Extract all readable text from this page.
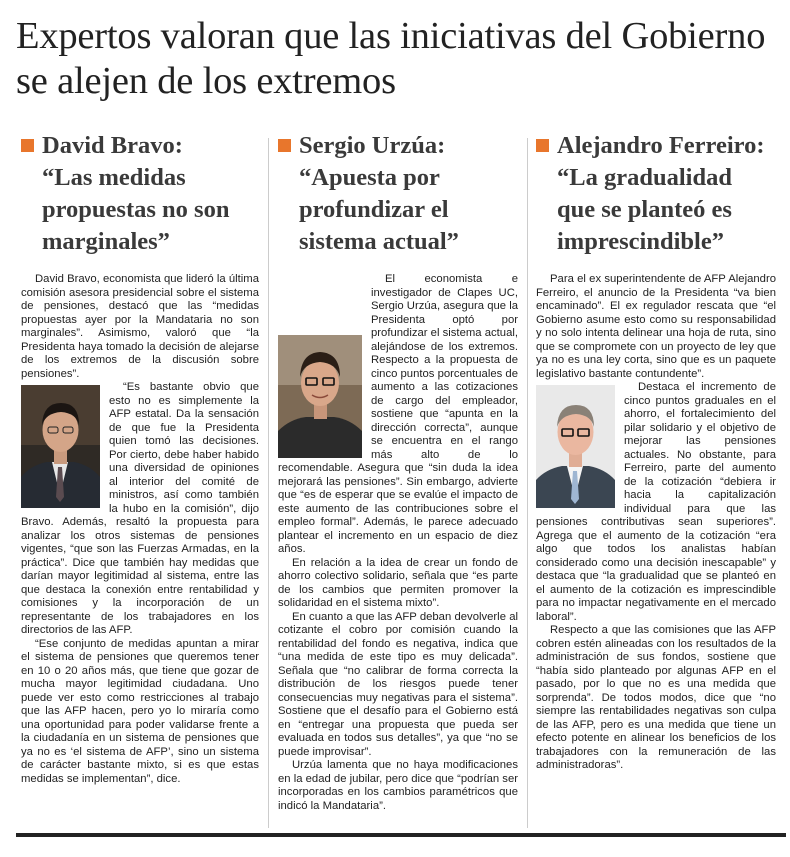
Expertos valoran que las iniciativas del Gobierno se alejen de los extremos
David Bravo:
“Las medidas
propuestas no son
marginales”

David Bravo, economista que lideró la última comisión asesora presidencial sobre el sistema de pensiones, destacó que las “medidas propuestas ayer por la Mandataria no son marginales”. Asimismo, valoró que “la Presidenta haya tomado la decisión de alejarse de los extremos de la discusión sobre pensiones”.

“Es bastante obvio que esto no es simplemente la AFP estatal. Da la sensación de que fue la Presidenta quien tomó las decisiones. Por cierto, debe haber habido una diversidad de opiniones al interior del comité de ministros, así como también la hubo en la comisión”, dijo Bravo. Además, resaltó la propuesta para analizar los otros sistemas de pensiones vigentes, “que son las Fuerzas Armadas, en la práctica”. Dice que también hay medidas que darían mayor legitimidad al sistema, entre las que destaca la conexión entre rentabilidad y comisiones y la incorporación de un representante de los trabajadores en los directorios de las AFP.

“Ese conjunto de medidas apuntan a mirar el sistema de pensiones que queremos tener en 10 o 20 años más, que tiene que gozar de mucha mayor legitimidad ciudadana. Uno puede ver esto como restricciones al trabajo que las AFP hacen, pero yo lo miraría como una oportunidad para poder validarse frente a la ciudadanía en un sistema de pensiones que ya no es ‘el sistema de AFP’, sino un sistema de carácter bastante mixto, si es que estas medidas se implementan”, dice.

Sergio Urzúa:
“Apuesta por
profundizar el
sistema actual”

El economista e investigador de Clapes UC, Sergio Urzúa, asegura que la Presidenta optó por profundizar el sistema actual, alejándose de los extremos. Respecto a la propuesta de cinco puntos porcentuales de aumento a las cotizaciones de cargo del empleador, sostiene que “apunta en la dirección correcta”, aunque se encuentra en el rango más alto de lo recomendable. Asegura que “sin duda la idea mejorará las pensiones”. Sin embargo, advierte que “es de esperar que se evalúe el impacto de este aumento de las contribuciones sobre el empleo formal”. Además, le parece adecuado plantear el incremento en un espacio de diez años.

En relación a la idea de crear un fondo de ahorro colectivo solidario, señala que “es parte de los cambios que permiten promover la solidaridad en el sistema mixto”.

En cuanto a que las AFP deban devolverle al cotizante el cobro por comisión cuando la rentabilidad del fondo es negativa, indica que “una medida de este tipo es muy delicada”. Señala que “no calibrar de forma correcta la distribución de los riesgos puede tener consecuencias muy negativas para el sistema”. Sostiene que el desafío para el Gobierno está en “entregar una propuesta que pueda ser evaluada en todos sus detalles”, ya que “no se puede improvisar”.

Urzúa lamenta que no haya modificaciones en la edad de jubilar, pero dice que “podrían ser incorporadas en los cambios paramétricos que indicó la Mandataria”.

Alejandro Ferreiro:
“La gradualidad
que se planteó es
imprescindible”

Para el ex superintendente de AFP Alejandro Ferreiro, el anuncio de la Presidenta “va bien encaminado”. El ex regulador rescata que “el Gobierno asume esto como su responsabilidad y no solo intenta delinear una hoja de ruta, sino que se compromete con un proyecto de ley que ya no es una ley corta, sino que es un paquete legislativo bastante contundente”.

Destaca el incremento de cinco puntos graduales en el ahorro, el fortalecimiento del pilar solidario y el objetivo de mejorar las pensiones actuales. No obstante, para Ferreiro, parte del aumento de la cotización “debiera ir hacia la capitalización individual para que las pensiones contributivas sean superiores”. Agrega que el aumento de la cotización “era algo que todos los analistas habían considerado como una decisión inescapable” y destaca que “la gradualidad que se planteó en el aumento de la cotización es imprescindible para no impactar negativamente en el mercado laboral”.

Respecto a que las comisiones que las AFP cobren estén alineadas con los resultados de la administración de sus fondos, sostiene que “había sido planteado por algunas AFP en el pasado, por lo que no es una medida que sorprenda”. De todos modos, dice que “no siempre las rentabilidades negativas son culpa de las AFP, pero es una medida que tiene un efecto potente en alinear los beneficios de los trabajadores con la remuneración de las administradoras”.
